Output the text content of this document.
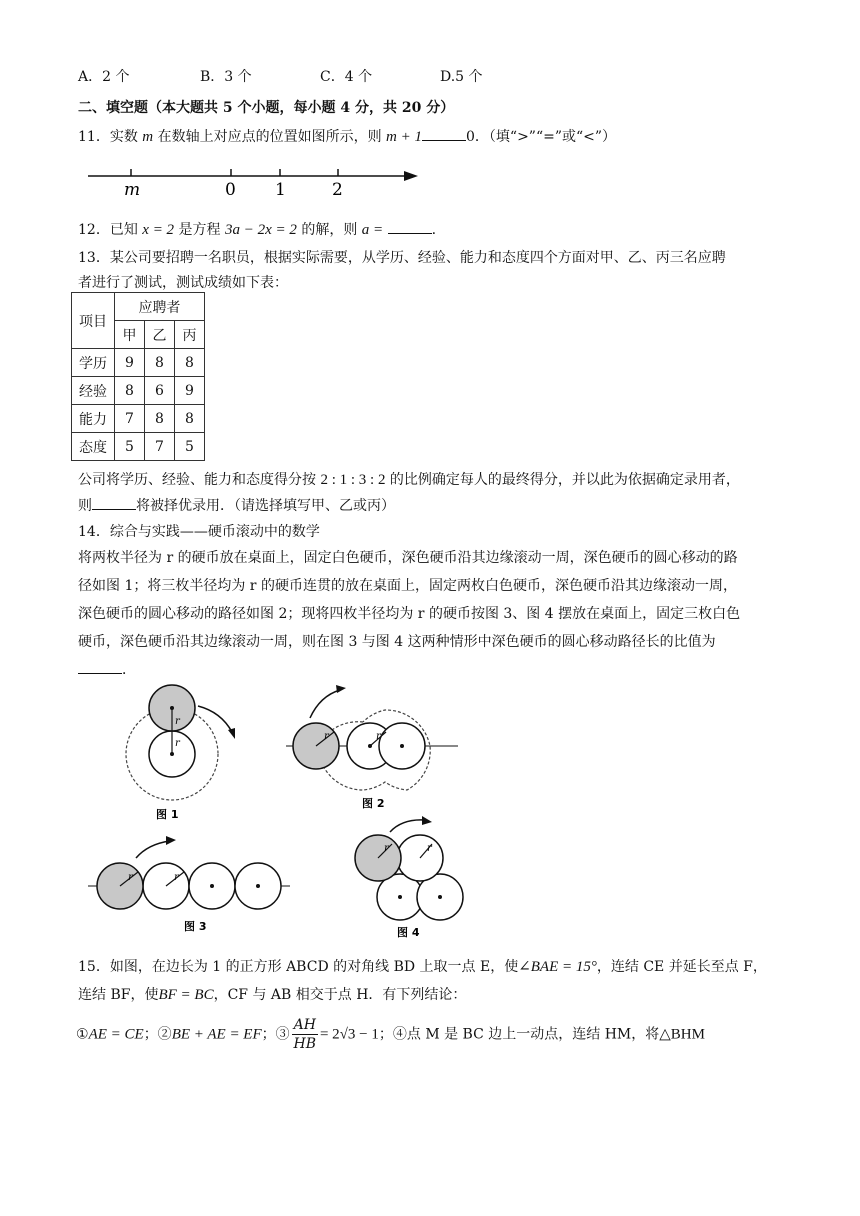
A．2 个	B．3 个	C．4 个	D.5 个
二、填空题（本大题共 5 个小题，每小题 4 分，共 20 分）
11．实数 m 在数轴上对应点的位置如图所示，则 m + 1	0．（填“>”“=”或“<”）
m	0 1	2
12．已知 x = 2 是方程 3a − 2x = 2 的解，则 a =	.
13．某公司要招聘一名职员，根据实际需要，从学历、经验、能力和态度四个方面对甲、乙、丙三名应聘
者进行了测试，测试成绩如下表：
项目	应聘者		
	甲	乙	丙
学历	9	8	8
经验	8	6	9
能力	7	8	8
态度	5	7	5
公司将学历、经验、能力和态度得分按 2 : 1 : 3 : 2 的比例确定每人的最终得分，并以此为依据确定录用者，
则	将被择优录用．（请选择填写甲、乙或丙）
14．综合与实践——硬币滚动中的数学
将两枚半径为 r 的硬币放在桌面上，固定白色硬币，深色硬币沿其边缘滚动一周，深色硬币的圆心移动的路
径如图 1；将三枚半径均为 r 的硬币连贯的放在桌面上，固定两枚白色硬币，深色硬币沿其边缘滚动一周，
深色硬币的圆心移动的路径如图 2；现将四枚半径均为 r 的硬币按图 3、图 4 摆放在桌面上，固定三枚白色
硬币，深色硬币沿其边缘滚动一周，则在图 3 与图 4 这两种情形中深色硬币的圆心移动路径长的比值为
．
r
r
图 1
r	r
图 2
r	r
图 3
r	r
图 4
15．如图，在边长为 1 的正方形 ABCD 的对角线 BD 上取一点 E，使∠BAE = 15°，连结 CE 并延长至点 F，
连结 BF，使BF = BC，CF 与 AB 相交于点 H．有下列结论：
①AE = CE；②BE + AE = EF；③ $\frac{AH}{HB} = 2√3 - 1$；④点 M 是 BC 边上一动点，连结 HM，将△BHM
